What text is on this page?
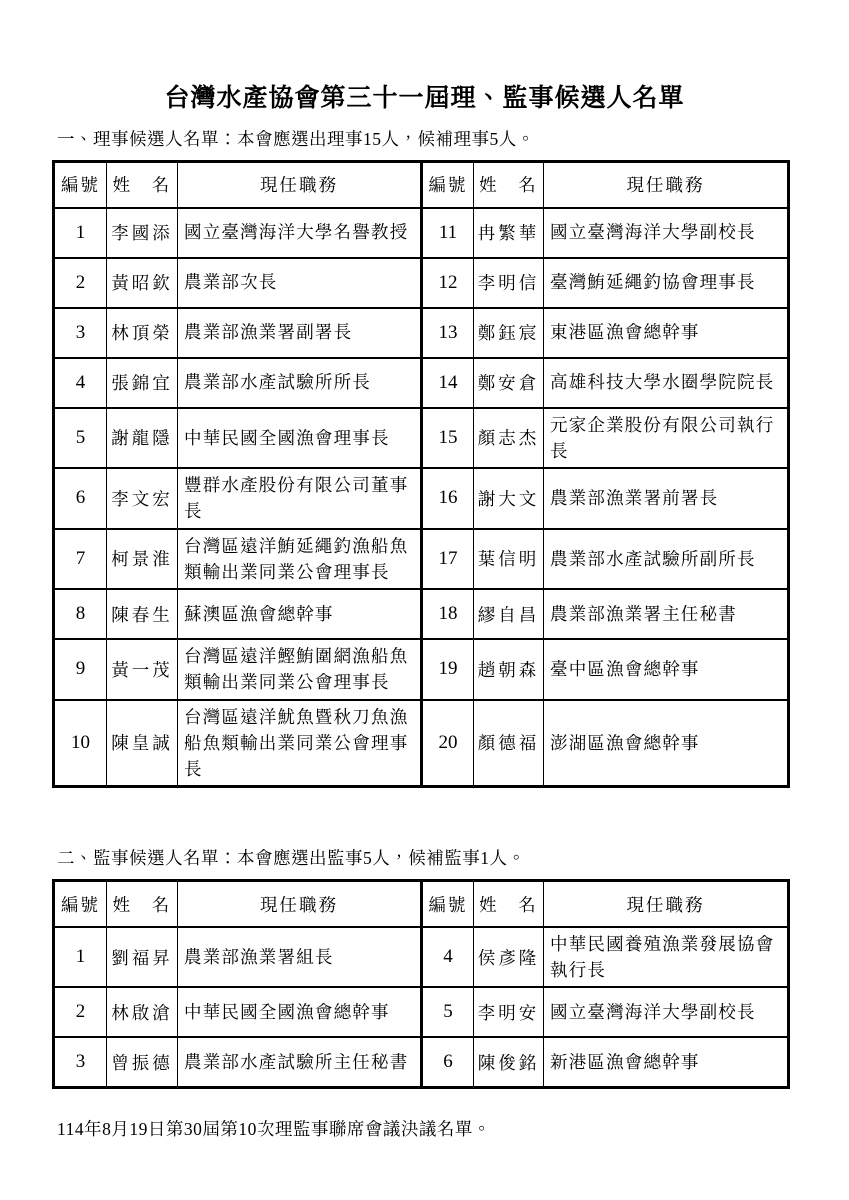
台灣水產協會第三十一屆理、監事候選人名單

一、理事候選人名單：本會應選出理事15人，候補理事5人。

編號	姓　名	現任職務	編號	姓　名	現任職務
1	李國添	國立臺灣海洋大學名譽教授	11	冉繁華	國立臺灣海洋大學副校長
2	黃昭欽	農業部次長	12	李明信	臺灣鮪延繩釣協會理事長
3	林頂榮	農業部漁業署副署長	13	鄭鈺宸	東港區漁會總幹事
4	張錦宜	農業部水產試驗所所長	14	鄭安倉	高雄科技大學水圈學院院長
5	謝龍隱	中華民國全國漁會理事長	15	顏志杰	元家企業股份有限公司執行長
6	李文宏	豐群水產股份有限公司董事長	16	謝大文	農業部漁業署前署長
7	柯景淮	台灣區遠洋鮪延繩釣漁船魚類輸出業同業公會理事長	17	葉信明	農業部水產試驗所副所長
8	陳春生	蘇澳區漁會總幹事	18	繆自昌	農業部漁業署主任秘書
9	黃一茂	台灣區遠洋鰹鮪圍網漁船魚類輸出業同業公會理事長	19	趙朝森	臺中區漁會總幹事
10	陳皇誠	台灣區遠洋魷魚暨秋刀魚漁船魚類輸出業同業公會理事長	20	顏德福	澎湖區漁會總幹事

二、監事候選人名單：本會應選出監事5人，候補監事1人。

編號	姓　名	現任職務	編號	姓　名	現任職務
1	劉福昇	農業部漁業署組長	4	侯彥隆	中華民國養殖漁業發展協會執行長
2	林啟滄	中華民國全國漁會總幹事	5	李明安	國立臺灣海洋大學副校長
3	曾振德	農業部水產試驗所主任秘書	6	陳俊銘	新港區漁會總幹事

114年8月19日第30屆第10次理監事聯席會議決議名單。
